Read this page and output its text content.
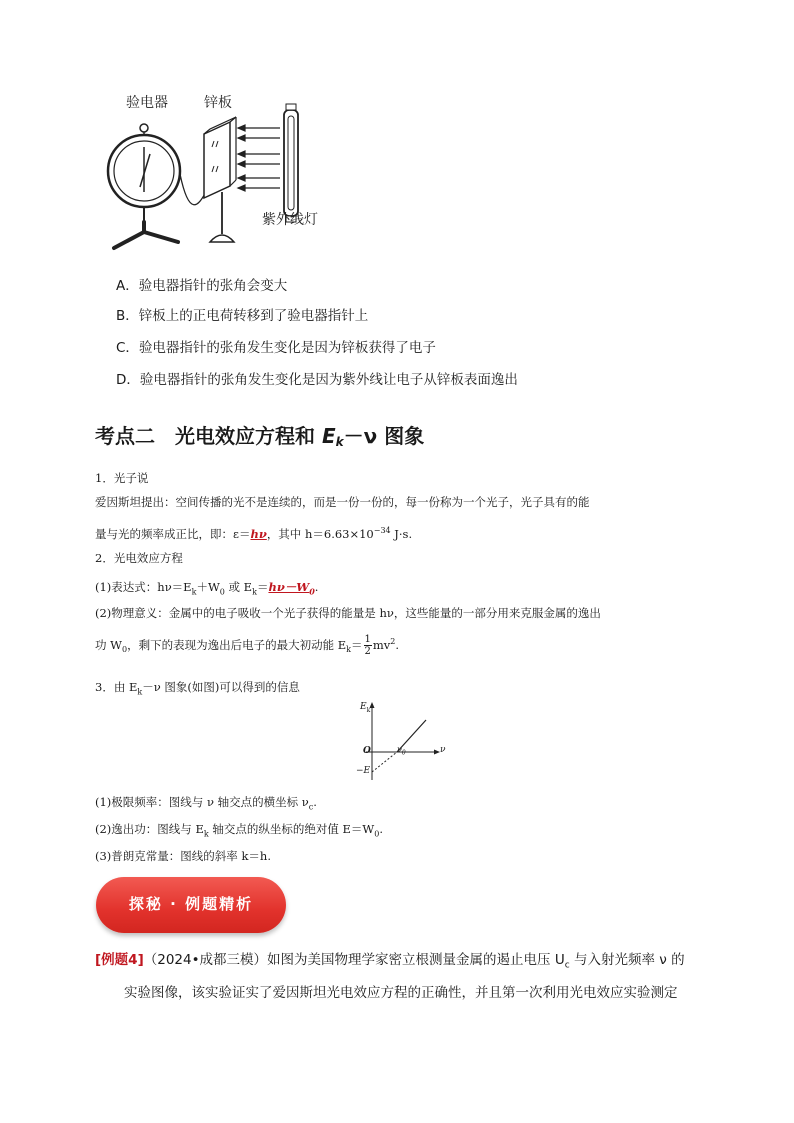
验电器	锌板
紫外线灯
A．验电器指针的张角会变大
B．锌板上的正电荷转移到了验电器指针上
C．验电器指针的张角发生变化是因为锌板获得了电子
D．验电器指针的张角发生变化是因为紫外线让电子从锌板表面逸出
考点二　光电效应方程和 $E_k-\nu$ 图象
1．光子说
爱因斯坦提出：空间传播的光不是连续的，而是一份一份的，每一份称为一个光子，光子具有的能
量与光的频率成正比，即：ε＝hν，其中 $h=6.63\times 10^{-34}$ J·s.
2．光电效应方程
(1)表达式：$h\nu=E_k+W_0$ 或 $E_k=h\nu-W_0$.
(2)物理意义：金属中的电子吸收一个光子获得的能量是 hν，这些能量的一部分用来克服金属的逸出
功 $W_0$，剩下的表现为逸出后电子的最大初动能 $E_k= \frac{1}{2} mv^2$.
3．由 $E_k-\nu$ 图象(如图)可以得到的信息
$E_k$
O	ν
$\nu_0$
−E
(1)极限频率：图线与 ν 轴交点的横坐标 $\nu_c$.
(2)逸出功：图线与 $E_k$ 轴交点的纵坐标的绝对值 $E=W_0$.
(3)普朗克常量：图线的斜率 k＝h.
探秘 · 例题精析
[例题4]（2024•成都三模）如图为美国物理学家密立根测量金属的遏止电压 $U_c$ 与入射光频率 ν 的
实验图像，该实验证实了爱因斯坦光电效应方程的正确性，并且第一次利用光电效应实验测定
